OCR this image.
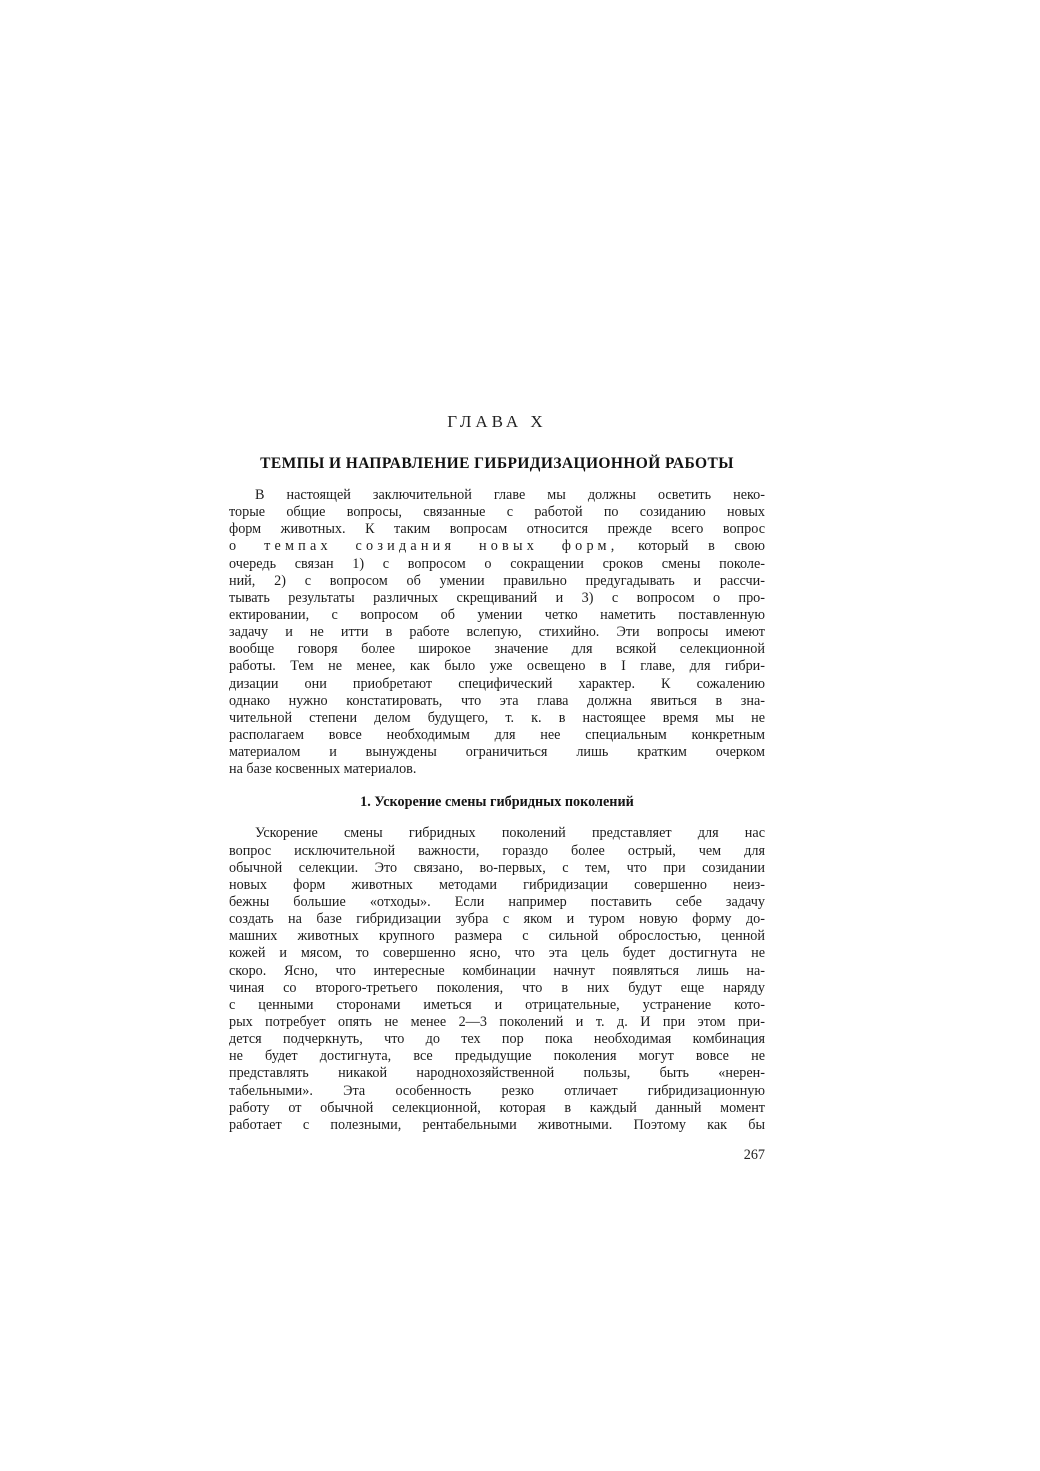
ГЛАВА X
ТЕМПЫ И НАПРАВЛЕНИЕ ГИБРИДИЗАЦИОННОЙ РАБОТЫ
В настоящей заключительной главе мы должны осветить неко-
торые общие вопросы, связанные с работой по созиданию новых
форм животных. К таким вопросам относится прежде всего вопрос
о темпах созидания новых форм, который в свою
очередь связан 1) с вопросом о сокращении сроков смены поколе-
ний, 2) с вопросом об умении правильно предугадывать и рассчи-
тывать результаты различных скрещиваний и 3) с вопросом о про-
ектировании, с вопросом об умении четко наметить поставленную
задачу и не итти в работе вслепую, стихийно. Эти вопросы имеют
вообще говоря более широкое значение для всякой селекционной
работы. Тем не менее, как было уже освещено в I главе, для гибри-
дизации они приобретают специфический характер. К сожалению
однако нужно констатировать, что эта глава должна явиться в зна-
чительной степени делом будущего, т. к. в настоящее время мы не
располагаем вовсе необходимым для нее специальным конкретным
материалом и вынуждены ограничиться лишь кратким очерком
на базе косвенных материалов.
1. Ускорение смены гибридных поколений
Ускорение смены гибридных поколений представляет для нас
вопрос исключительной важности, гораздо более острый, чем для
обычной селекции. Это связано, во-первых, с тем, что при созидании
новых форм животных методами гибридизации совершенно неиз-
бежны большие «отходы». Если например поставить себе задачу
создать на базе гибридизации зубра с яком и туром новую форму до-
машних животных крупного размера с сильной оброслостью, ценной
кожей и мясом, то совершенно ясно, что эта цель будет достигнута не
скоро. Ясно, что интересные комбинации начнут появляться лишь на-
чиная со второго-третьего поколения, что в них будут еще наряду
с ценными сторонами иметься и отрицательные, устранение кото-
рых потребует опять не менее 2—3 поколений и т. д. И при этом при-
дется подчеркнуть, что до тех пор пока необходимая комбинация
не будет достигнута, все предыдущие поколения могут вовсе не
представлять никакой народнохозяйственной пользы, быть «нерен-
табельными». Эта особенность резко отличает гибридизационную
работу от обычной селекционной, которая в каждый данный момент
работает с полезными, рентабельными животными. Поэтому как бы
267
